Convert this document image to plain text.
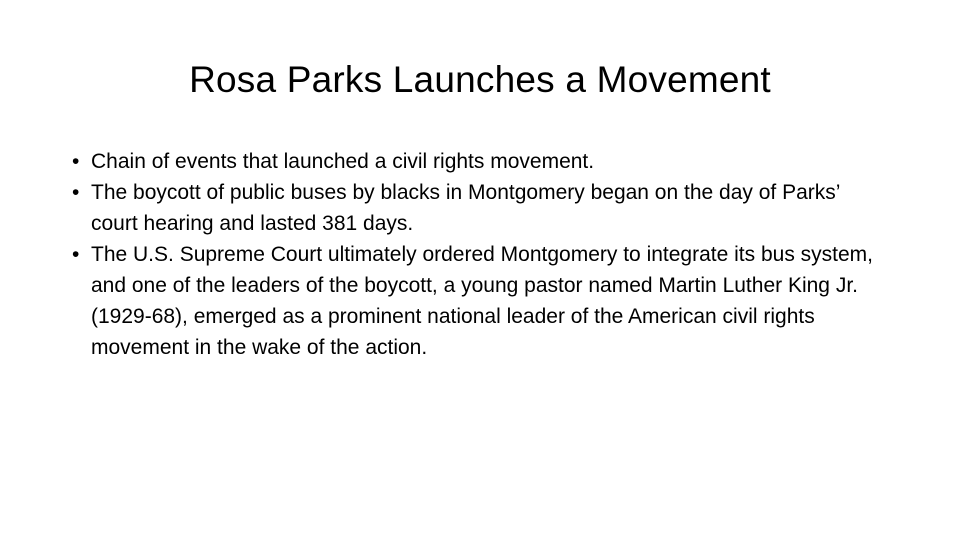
Rosa Parks Launches a Movement
• Chain of events that launched a civil rights movement.
• The boycott of public buses by blacks in Montgomery began on the day of Parks’ court hearing and lasted 381 days.
• The U.S. Supreme Court ultimately ordered Montgomery to integrate its bus system, and one of the leaders of the boycott, a young pastor named Martin Luther King Jr. (1929-68), emerged as a prominent national leader of the American civil rights movement in the wake of the action.
